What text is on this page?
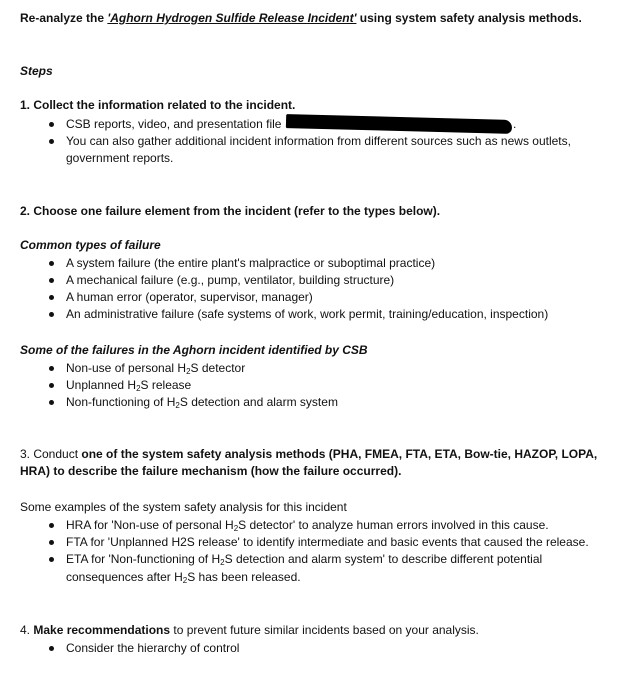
Re-analyze the 'Aghorn Hydrogen Sulfide Release Incident' using system safety analysis methods.
Steps
1. Collect the information related to the incident.
CSB reports, video, and presentation file
You can also gather additional incident information from different sources such as news outlets,
government reports.
.
2. Choose one failure element from the incident (refer to the types below).
Common types of failure
A system failure (the entire plant's malpractice or suboptimal practice)
A mechanical failure (e.g., pump, ventilator, building structure)
A human error (operator, supervisor, manager)
An administrative failure (safe systems of work, work permit, training/education, inspection)
Some of the failures in the Aghorn incident identified by CSB
Non-use of personal $H_2S$ detector
Unplanned $H_2S$ release
Non-functioning of $H_2S$ detection and alarm system
3. Conduct one of the system safety analysis methods (PHA, FMEA, FTA, ETA, Bow-tie, HAZOP, LOPA,
HRA) to describe the failure mechanism (how the failure occurred).
Some examples of the system safety analysis for this incident
HRA for 'Non-use of personal $H_2S$ detector' to analyze human errors involved in this cause.
FTA for 'Unplanned H2S release' to identify intermediate and basic events that caused the release.
ETA for 'Non-functioning of $H_2S$ detection and alarm system' to describe different potential
consequences after $H_2S$ has been released.
4. Make recommendations to prevent future similar incidents based on your analysis.
Consider the hierarchy of control
